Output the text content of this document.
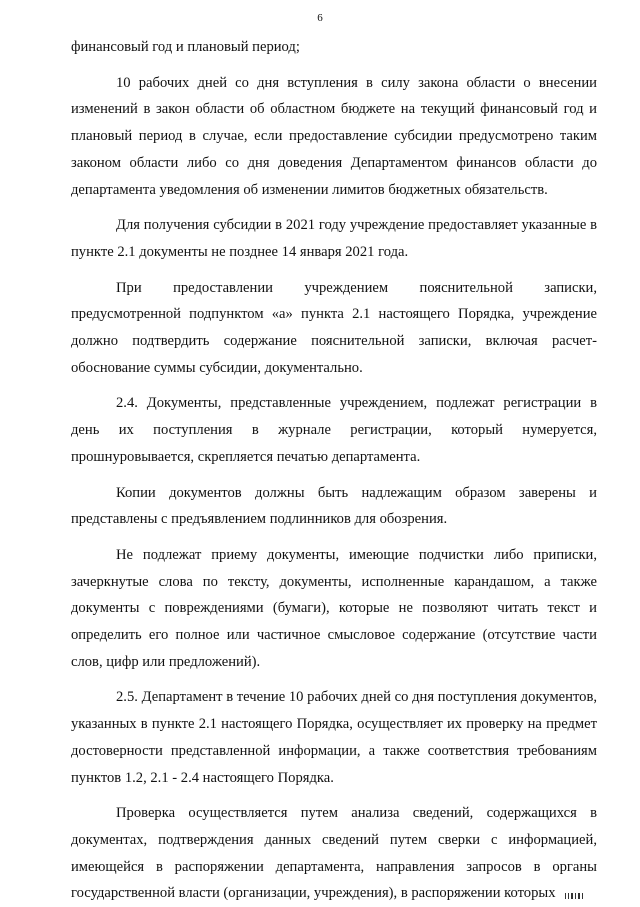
6

финансовый год и плановый период;

10 рабочих дней со дня вступления в силу закона области о внесении изменений в закон области об областном бюджете на текущий финансовый год и плановый период в случае, если предоставление субсидии предусмотрено таким законом области либо со дня доведения Департаментом финансов области до департамента уведомления об изменении лимитов бюджетных обязательств.

Для получения субсидии в 2021 году учреждение предоставляет указанные в пункте 2.1 документы не позднее 14 января 2021 года.

При предоставлении учреждением пояснительной записки, предусмотренной подпунктом «а» пункта 2.1 настоящего Порядка, учреждение должно подтвердить содержание пояснительной записки, включая расчет-обоснование суммы субсидии, документально.

2.4. Документы, представленные учреждением, подлежат регистрации в день их поступления в журнале регистрации, который нумеруется, прошнуровывается, скрепляется печатью департамента.

Копии документов должны быть надлежащим образом заверены и представлены с предъявлением подлинников для обозрения.

Не подлежат приему документы, имеющие подчистки либо приписки, зачеркнутые слова по тексту, документы, исполненные карандашом, а также документы с повреждениями (бумаги), которые не позволяют читать текст и определить его полное или частичное смысловое содержание (отсутствие части слов, цифр или предложений).

2.5. Департамент в течение 10 рабочих дней со дня поступления документов, указанных в пункте 2.1 настоящего Порядка, осуществляет их проверку на предмет достоверности представленной информации, а также соответствия требованиям пунктов 1.2, 2.1 - 2.4 настоящего Порядка.

Проверка осуществляется путем анализа сведений, содержащихся в документах, подтверждения данных сведений путем сверки с информацией, имеющейся в распоряжении департамента, направления запросов в органы государственной власти (организации, учреждения), в распоряжении которых
